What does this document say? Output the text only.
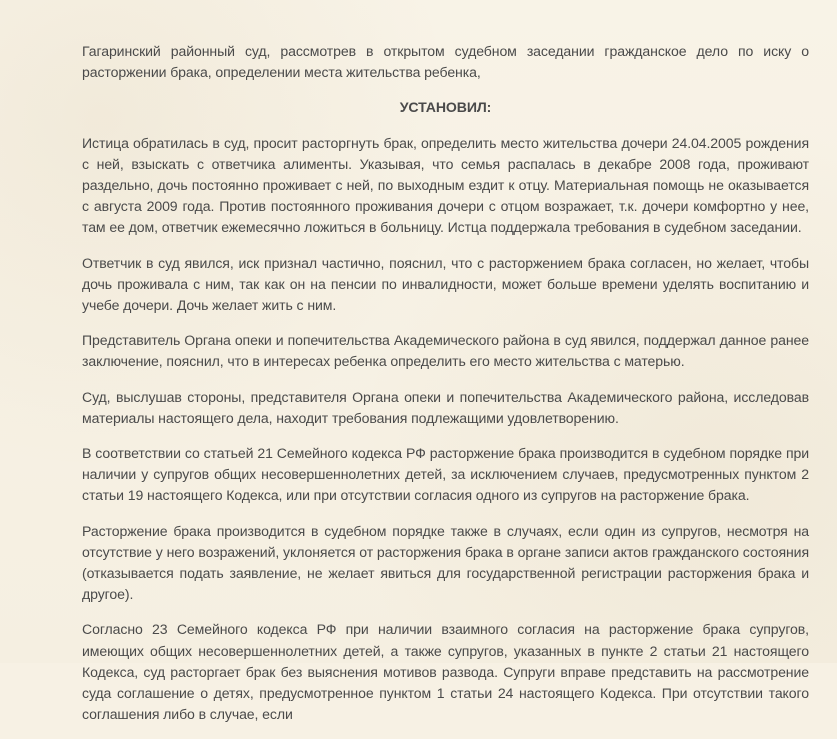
Гагаринский районный суд, рассмотрев в открытом судебном заседании гражданское дело по иску о расторжении брака, определении места жительства ребенка,

УСТАНОВИЛ:

Истица обратилась в суд, просит расторгнуть брак, определить место жительства дочери 24.04.2005 рождения с ней, взыскать с ответчика алименты. Указывая, что семья распалась в декабре 2008 года, проживают раздельно, дочь постоянно проживает с ней, по выходным ездит к отцу. Материальная помощь не оказывается с августа 2009 года. Против постоянного проживания дочери с отцом возражает, т.к. дочери комфортно у нее, там ее дом, ответчик ежемесячно ложиться в больницу. Истца поддержала требования в судебном заседании.

Ответчик в суд явился, иск признал частично, пояснил, что с расторжением брака согласен, но желает, чтобы дочь проживала с ним, так как он на пенсии по инвалидности, может больше времени уделять воспитанию и учебе дочери. Дочь желает жить с ним.

Представитель Органа опеки и попечительства Академического района в суд явился, поддержал данное ранее заключение, пояснил, что в интересах ребенка определить его место жительства с матерью.

Суд, выслушав стороны, представителя Органа опеки и попечительства Академического района, исследовав материалы настоящего дела, находит требования подлежащими удовлетворению.

В соответствии со статьей 21 Семейного кодекса РФ расторжение брака производится в судебном порядке при наличии у супругов общих несовершеннолетних детей, за исключением случаев, предусмотренных пунктом 2 статьи 19 настоящего Кодекса, или при отсутствии согласия одного из супругов на расторжение брака.

Расторжение брака производится в судебном порядке также в случаях, если один из супругов, несмотря на отсутствие у него возражений, уклоняется от расторжения брака в органе записи актов гражданского состояния (отказывается подать заявление, не желает явиться для государственной регистрации расторжения брака и другое).

Согласно 23 Семейного кодекса РФ при наличии взаимного согласия на расторжение брака супругов, имеющих общих несовершеннолетних детей, а также супругов, указанных в пункте 2 статьи 21 настоящего Кодекса, суд расторгает брак без выяснения мотивов развода. Супруги вправе представить на рассмотрение суда соглашение о детях, предусмотренное пунктом 1 статьи 24 настоящего Кодекса. При отсутствии такого соглашения либо в случае, если
